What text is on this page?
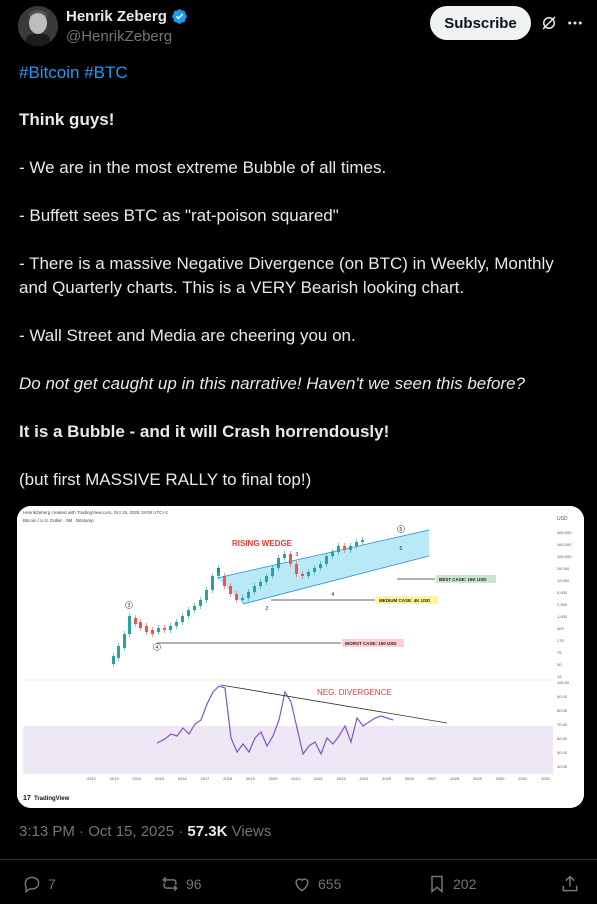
Henrik Zeberg
@HenrikZeberg
Subscribe
#Bitcoin #BTC
Think guys!
- We are in the most extreme Bubble of all times.
- Buffett sees BTC as "rat-poison squared"
- There is a massive Negative Divergence (on BTC) in Weekly, Monthly
and Quarterly charts. This is a VERY Bearish looking chart.
- Wall Street and Media are cheering you on.
Do not get caught up in this narrative! Haven't we seen this before?
It is a Bubble - and it will Crash horrendously!
(but first MASSIVE RALLY to final top!)
HenrikZeberg created with TradingView.com, Oct 15, 2025 19:08 UTC+2
Bitcoin / U.S. Dollar · 3M · Bitstamp	USD
RISING WEDGE
BEST CASE: 16K USD
MEDIUM CASE: 4K USD
WORST CASE: 150 USD
1
2
3
4
5
3
4
5	400,000
160,000
100,000
28,000
12,000
5,000
2,200
1,000
400
175
75
30
15
NEG. DIVERGENCE
100.00
90.00
80.00
70.00
60.00
50.00
40.00
2012	2013	2014	2015	2016	2017	2018	2019	2020	2021	2022	2023	2024	2025	2026	2027	2028	2029	2030	2031	2032
17 TradingView
3:13 PM · Oct 15, 2025 · 57.3K Views
7	96	655	202
